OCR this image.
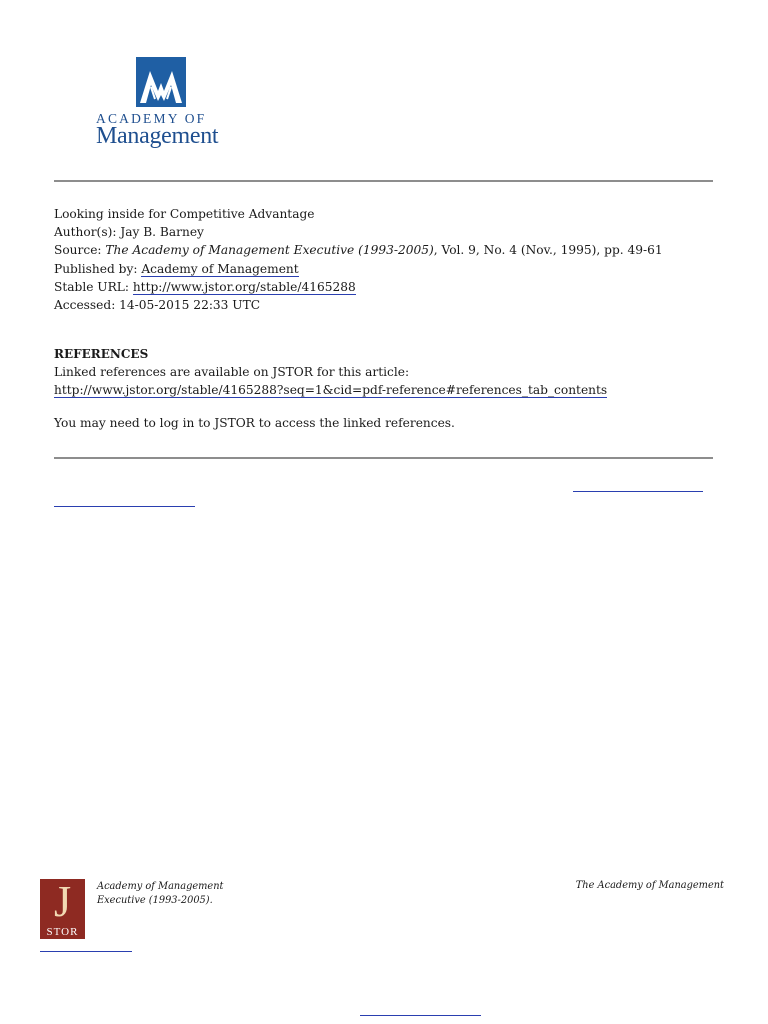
ACADEMY OF
Management
Looking inside for Competitive Advantage
Author(s): Jay B. Barney
Source: The Academy of Management Executive (1993-2005), Vol. 9, No. 4 (Nov., 1995), pp. 49-61
Published by: Academy of Management
Stable URL: http://www.jstor.org/stable/4165288
Accessed: 14-05-2015 22:33 UTC
REFERENCES
Linked references are available on JSTOR for this article:
http://www.jstor.org/stable/4165288?seq=1&cid=pdf-reference#references_tab_contents
You may need to log in to JSTOR to access the linked references.
J
STOR
Academy of Management
Executive (1993-2005).
The Academy of Management
